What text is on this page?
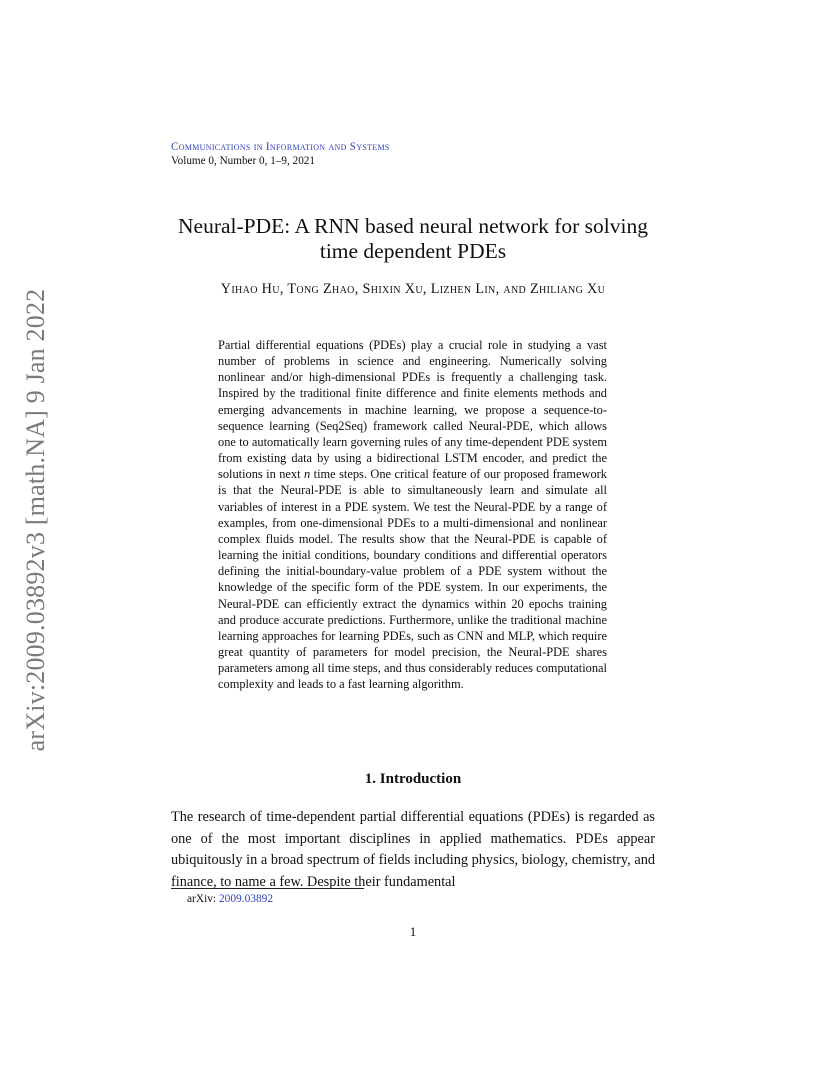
arXiv:2009.03892v3 [math.NA] 9 Jan 2022
Communications in Information and Systems
Volume 0, Number 0, 1–9, 2021
Neural-PDE: A RNN based neural network for solving time dependent PDEs
Yihao Hu, Tong Zhao, Shixin Xu, Lizhen Lin, and Zhiliang Xu
Partial differential equations (PDEs) play a crucial role in studying a vast number of problems in science and engineering. Numerically solving nonlinear and/or high-dimensional PDEs is frequently a challenging task. Inspired by the traditional finite difference and finite elements methods and emerging advancements in machine learning, we propose a sequence-to-sequence learning (Seq2Seq) framework called Neural-PDE, which allows one to automatically learn governing rules of any time-dependent PDE system from existing data by using a bidirectional LSTM encoder, and predict the solutions in next n time steps. One critical feature of our proposed framework is that the Neural-PDE is able to simultaneously learn and simulate all variables of interest in a PDE system. We test the Neural-PDE by a range of examples, from one-dimensional PDEs to a multi-dimensional and nonlinear complex fluids model. The results show that the Neural-PDE is capable of learning the initial conditions, boundary conditions and differential operators defining the initial-boundary-value problem of a PDE system without the knowledge of the specific form of the PDE system. In our experiments, the Neural-PDE can efficiently extract the dynamics within 20 epochs training and produce accurate predictions. Furthermore, unlike the traditional machine learning approaches for learning PDEs, such as CNN and MLP, which require great quantity of parameters for model precision, the Neural-PDE shares parameters among all time steps, and thus considerably reduces computational complexity and leads to a fast learning algorithm.
1. Introduction
The research of time-dependent partial differential equations (PDEs) is regarded as one of the most important disciplines in applied mathematics. PDEs appear ubiquitously in a broad spectrum of fields including physics, biology, chemistry, and finance, to name a few. Despite their fundamental
arXiv: 2009.03892
1
